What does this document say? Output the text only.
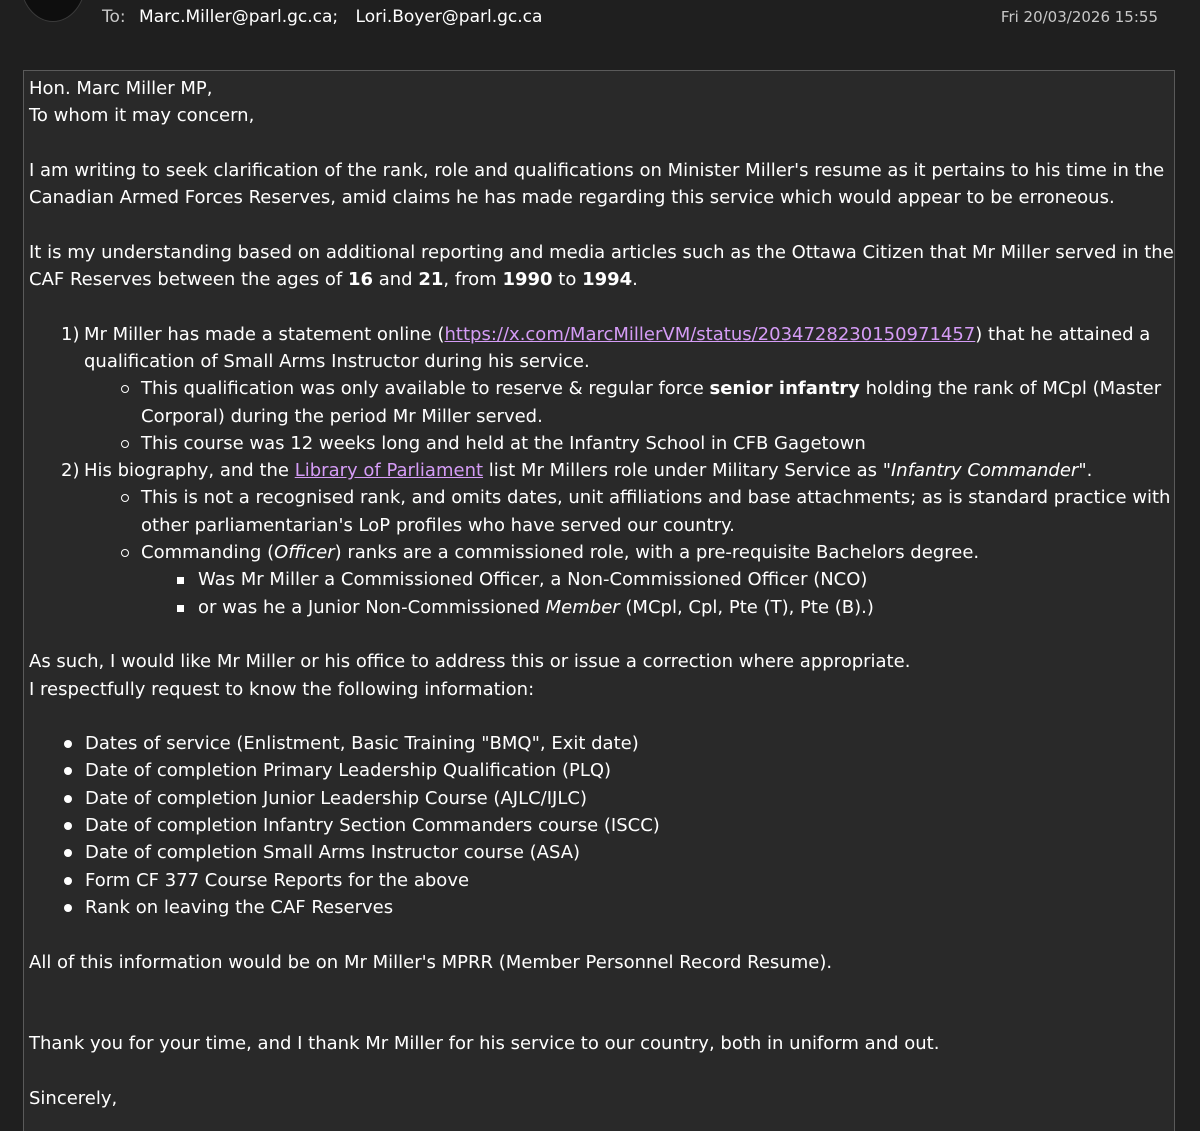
To: Marc.Miller@parl.gc.ca; Lori.Boyer@parl.gc.ca	Fri 20/03/2026 15:55

Hon. Marc Miller MP,

To whom it may concern,

I am writing to seek clarification of the rank, role and qualifications on Minister Miller's resume as it pertains to his time in the Canadian Armed Forces Reserves, amid claims he has made regarding this service which would appear to be erroneous.

It is my understanding based on additional reporting and media articles such as the Ottawa Citizen that Mr Miller served in the CAF Reserves between the ages of 16 and 21, from 1990 to 1994.

1) Mr Miller has made a statement online (https://x.com/MarcMillerVM/status/2034728230150971457) that he attained a qualification of Small Arms Instructor during his service.
This qualification was only available to reserve & regular force senior infantry holding the rank of MCpl (Master Corporal) during the period Mr Miller served.
This course was 12 weeks long and held at the Infantry School in CFB Gagetown
2) His biography, and the Library of Parliament list Mr Millers role under Military Service as "Infantry Commander".
This is not a recognised rank, and omits dates, unit affiliations and base attachments; as is standard practice with other parliamentarian's LoP profiles who have served our country.
Commanding (Officer) ranks are a commissioned role, with a pre-requisite Bachelors degree.
Was Mr Miller a Commissioned Officer, a Non-Commissioned Officer (NCO)
or was he a Junior Non-Commissioned Member (MCpl, Cpl, Pte (T), Pte (B).)

As such, I would like Mr Miller or his office to address this or issue a correction where appropriate.

I respectfully request to know the following information:

Dates of service (Enlistment, Basic Training "BMQ", Exit date)
Date of completion Primary Leadership Qualification (PLQ)
Date of completion Junior Leadership Course (AJLC/IJLC)
Date of completion Infantry Section Commanders course (ISCC)
Date of completion Small Arms Instructor course (ASA)
Form CF 377 Course Reports for the above
Rank on leaving the CAF Reserves

All of this information would be on Mr Miller's MPRR (Member Personnel Record Resume).

Thank you for your time, and I thank Mr Miller for his service to our country, both in uniform and out.

Sincerely,
